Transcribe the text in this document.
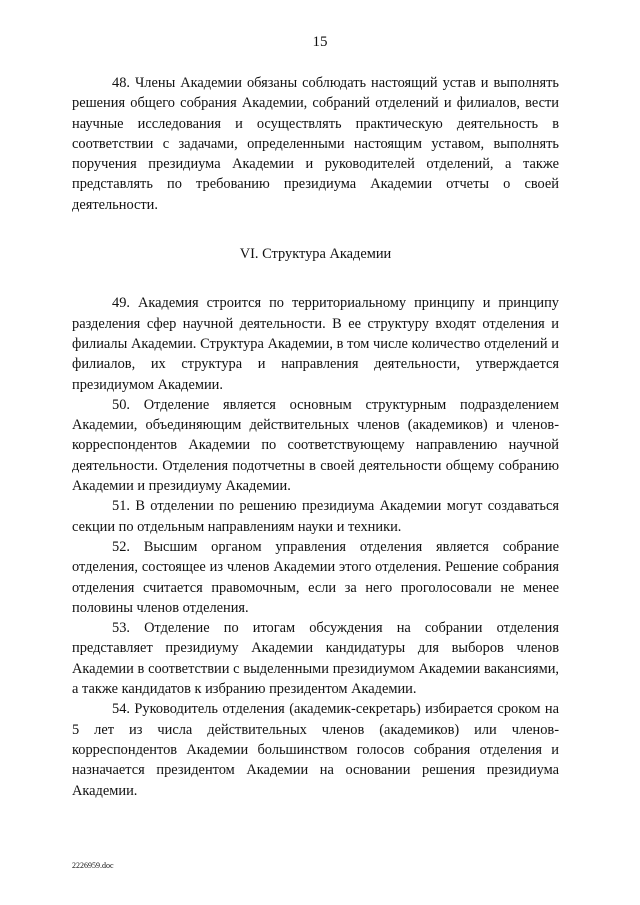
15

48. Члены Академии обязаны соблюдать настоящий устав и выполнять решения общего собрания Академии, собраний отделений и филиалов, вести научные исследования и осуществлять практическую деятельность в соответствии с задачами, определенными настоящим уставом, выполнять поручения президиума Академии и руководителей отделений, а также представлять по требованию президиума Академии отчеты о своей деятельности.

VI. Структура Академии

49. Академия строится по территориальному принципу и принципу разделения сфер научной деятельности. В ее структуру входят отделения и филиалы Академии. Структура Академии, в том числе количество отделений и филиалов, их структура и направления деятельности, утверждается президиумом Академии.

50. Отделение является основным структурным подразделением Академии, объединяющим действительных членов (академиков) и членов-корреспондентов Академии по соответствующему направлению научной деятельности. Отделения подотчетны в своей деятельности общему собранию Академии и президиуму Академии.

51. В отделении по решению президиума Академии могут создаваться секции по отдельным направлениям науки и техники.

52. Высшим органом управления отделения является собрание отделения, состоящее из членов Академии этого отделения. Решение собрания отделения считается правомочным, если за него проголосовали не менее половины членов отделения.

53. Отделение по итогам обсуждения на собрании отделения представляет президиуму Академии кандидатуры для выборов членов Академии в соответствии с выделенными президиумом Академии вакансиями, а также кандидатов к избранию президентом Академии.

54. Руководитель отделения (академик-секретарь) избирается сроком на 5 лет из числа действительных членов (академиков) или членов-корреспондентов Академии большинством голосов собрания отделения и назначается президентом Академии на основании решения президиума Академии.

2226959.doc
